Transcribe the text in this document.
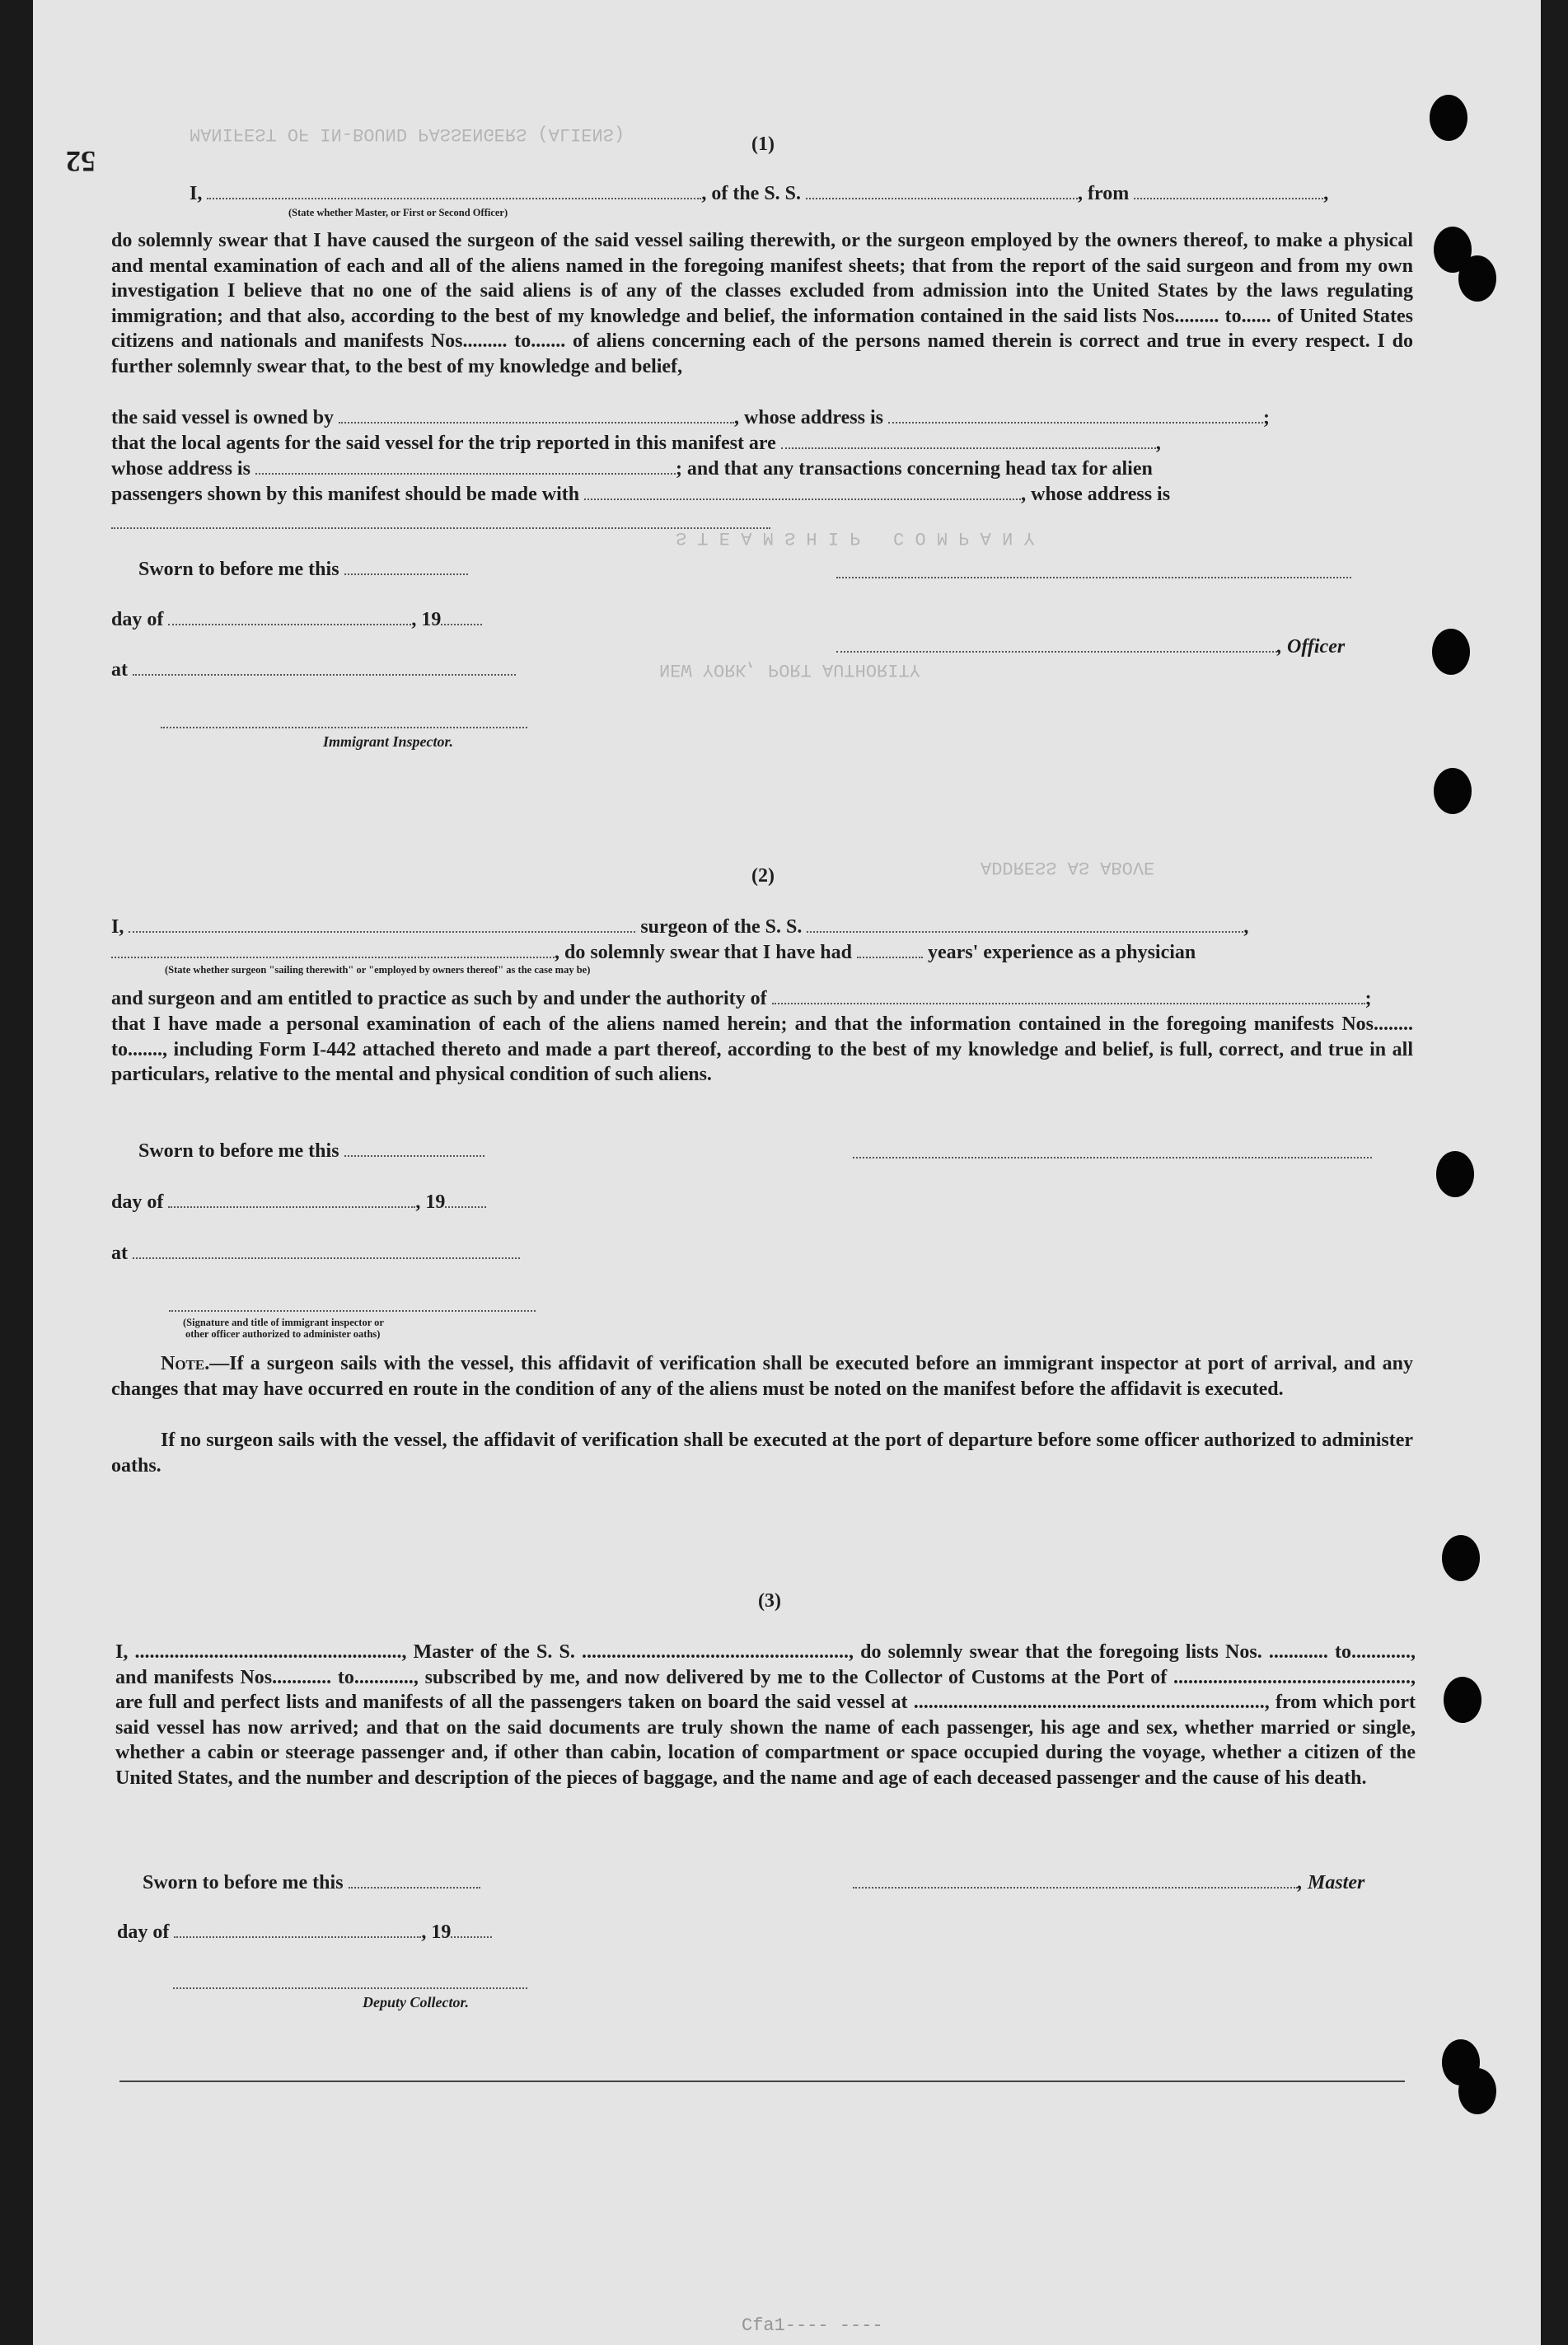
52
MANIFEST OF IN-BOUND PASSENGERS (ALIENS)
S T E A M S H I P   C O M P A N Y
NEW YORK, PORT AUTHORITY
ADDRESS AS ABOVE
(1)
I,	, of the S. S.	, from	,
(State whether Master, or First or Second Officer)
do solemnly swear that I have caused the surgeon of the said vessel sailing therewith, or the surgeon employed by the owners thereof, to make a physical and mental examination of each and all of the aliens named in the foregoing manifest sheets; that from the report of the said surgeon and from my own investigation I believe that no one of the said aliens is of any of the classes excluded from admission into the United States by the laws regulating immigration; and that also, according to the best of my knowledge and belief, the information contained in the said lists Nos......... to...... of United States citizens and nationals and manifests Nos......... to....... of aliens concerning each of the persons named therein is correct and true in every respect. I do further solemnly swear that, to the best of my knowledge and belief,
the said vessel is owned by	, whose address is	;
that the local agents for the said vessel for the trip reported in this manifest are	,
whose address is	; and that any transactions concerning head tax for alien
passengers shown by this manifest should be made with	, whose address is
Sworn to before me this
day of	, 19
, Officer
at
Immigrant Inspector.
(2)
I,	surgeon of the S. S.	,
, do solemnly swear that I have had	years' experience as a physician
(State whether surgeon "sailing therewith" or "employed by owners thereof" as the case may be)
and surgeon and am entitled to practice as such by and under the authority of	;
that I have made a personal examination of each of the aliens named herein; and that the information contained in the foregoing manifests Nos........ to......., including Form I-442 attached thereto and made a part thereof, according to the best of my knowledge and belief, is full, correct, and true in all particulars, relative to the mental and physical condition of such aliens.
Sworn to before me this
day of	, 19
at
(Signature and title of immigrant inspector or
other officer authorized to administer oaths)
Note.—If a surgeon sails with the vessel, this affidavit of verification shall be executed before an immigrant inspector at port of arrival, and any changes that may have occurred en route in the condition of any of the aliens must be noted on the manifest before the affidavit is executed.
If no surgeon sails with the vessel, the affidavit of verification shall be executed at the port of departure before some officer authorized to administer oaths.
(3)
I, ......................................................, Master of the S. S. ......................................................, do solemnly swear that the foregoing lists Nos. ............ to............, and manifests Nos............ to............, subscribed by me, and now delivered by me to the Collector of Customs at the Port of ................................................, are full and perfect lists and manifests of all the passengers taken on board the said vessel at ......................................................................., from which port said vessel has now arrived; and that on the said documents are truly shown the name of each passenger, his age and sex, whether married or single, whether a cabin or steerage passenger and, if other than cabin, location of compartment or space occupied during the voyage, whether a citizen of the United States, and the number and description of the pieces of baggage, and the name and age of each deceased passenger and the cause of his death.
Sworn to before me this	, Master
day of	, 19
Deputy Collector.
Cfa1---- ----
